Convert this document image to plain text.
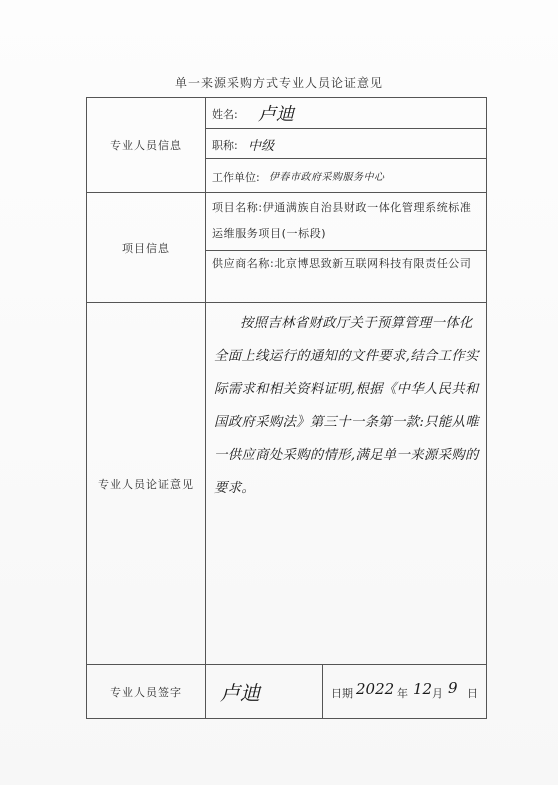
单一来源采购方式专业人员论证意见
专业人员信息
姓名: 卢迪
职称: 中级
工作单位: 伊春市政府采购服务中心
项目信息
项目名称:伊通满族自治县财政一体化管理系统标准运维服务项目(一标段)
供应商名称:北京博思致新互联网科技有限责任公司
专业人员论证意见
按照吉林省财政厅关于预算管理一体化全面上线运行的通知的文件要求,结合工作实际需求和相关资料证明,根据《中华人民共和国政府采购法》第三十一条第一款:只能从唯一供应商处采购的情形,满足单一来源采购的要求。
专业人员签字	卢迪	日期 2022 年 12 月 9 日
